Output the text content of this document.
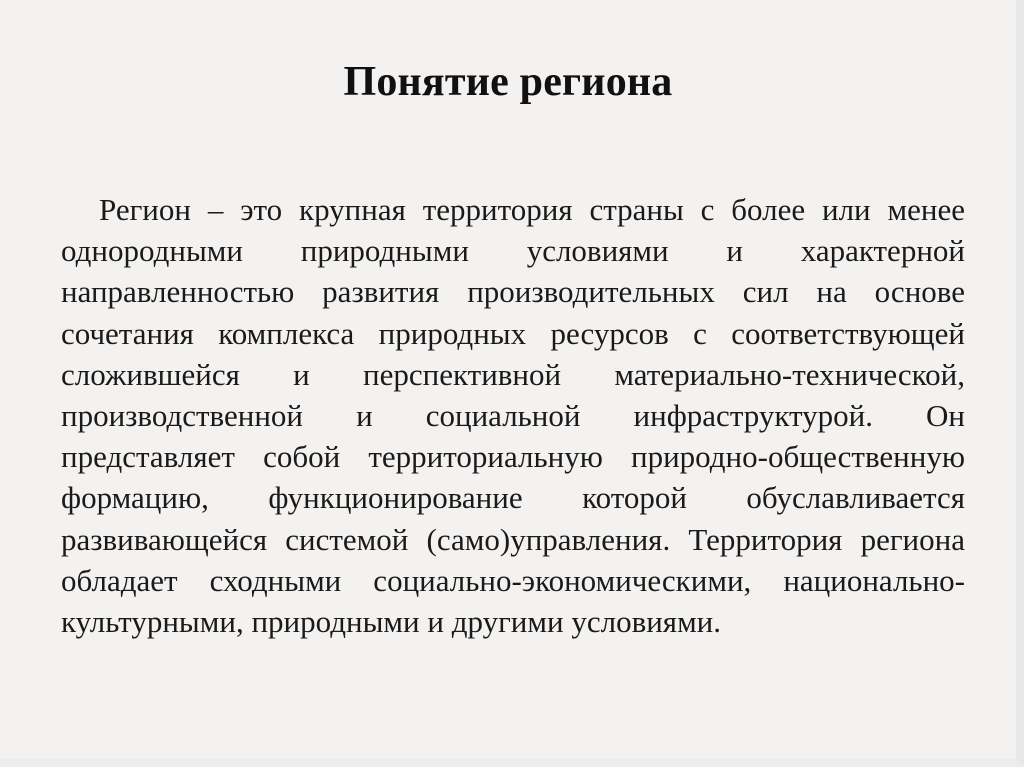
Понятие региона

Регион – это крупная территория страны с более или менее однородными природными условиями и характерной направленностью развития производительных сил на основе сочетания комплекса природных ресурсов с соответствующей сложившейся и перспективной материально-технической, производственной и социальной инфраструктурой. Он представляет собой территориальную природно-общественную формацию, функционирование которой обуславливается развивающейся системой (само)управления. Территория региона обладает сходными социально-экономическими, национально-культурными, природными и другими условиями.
